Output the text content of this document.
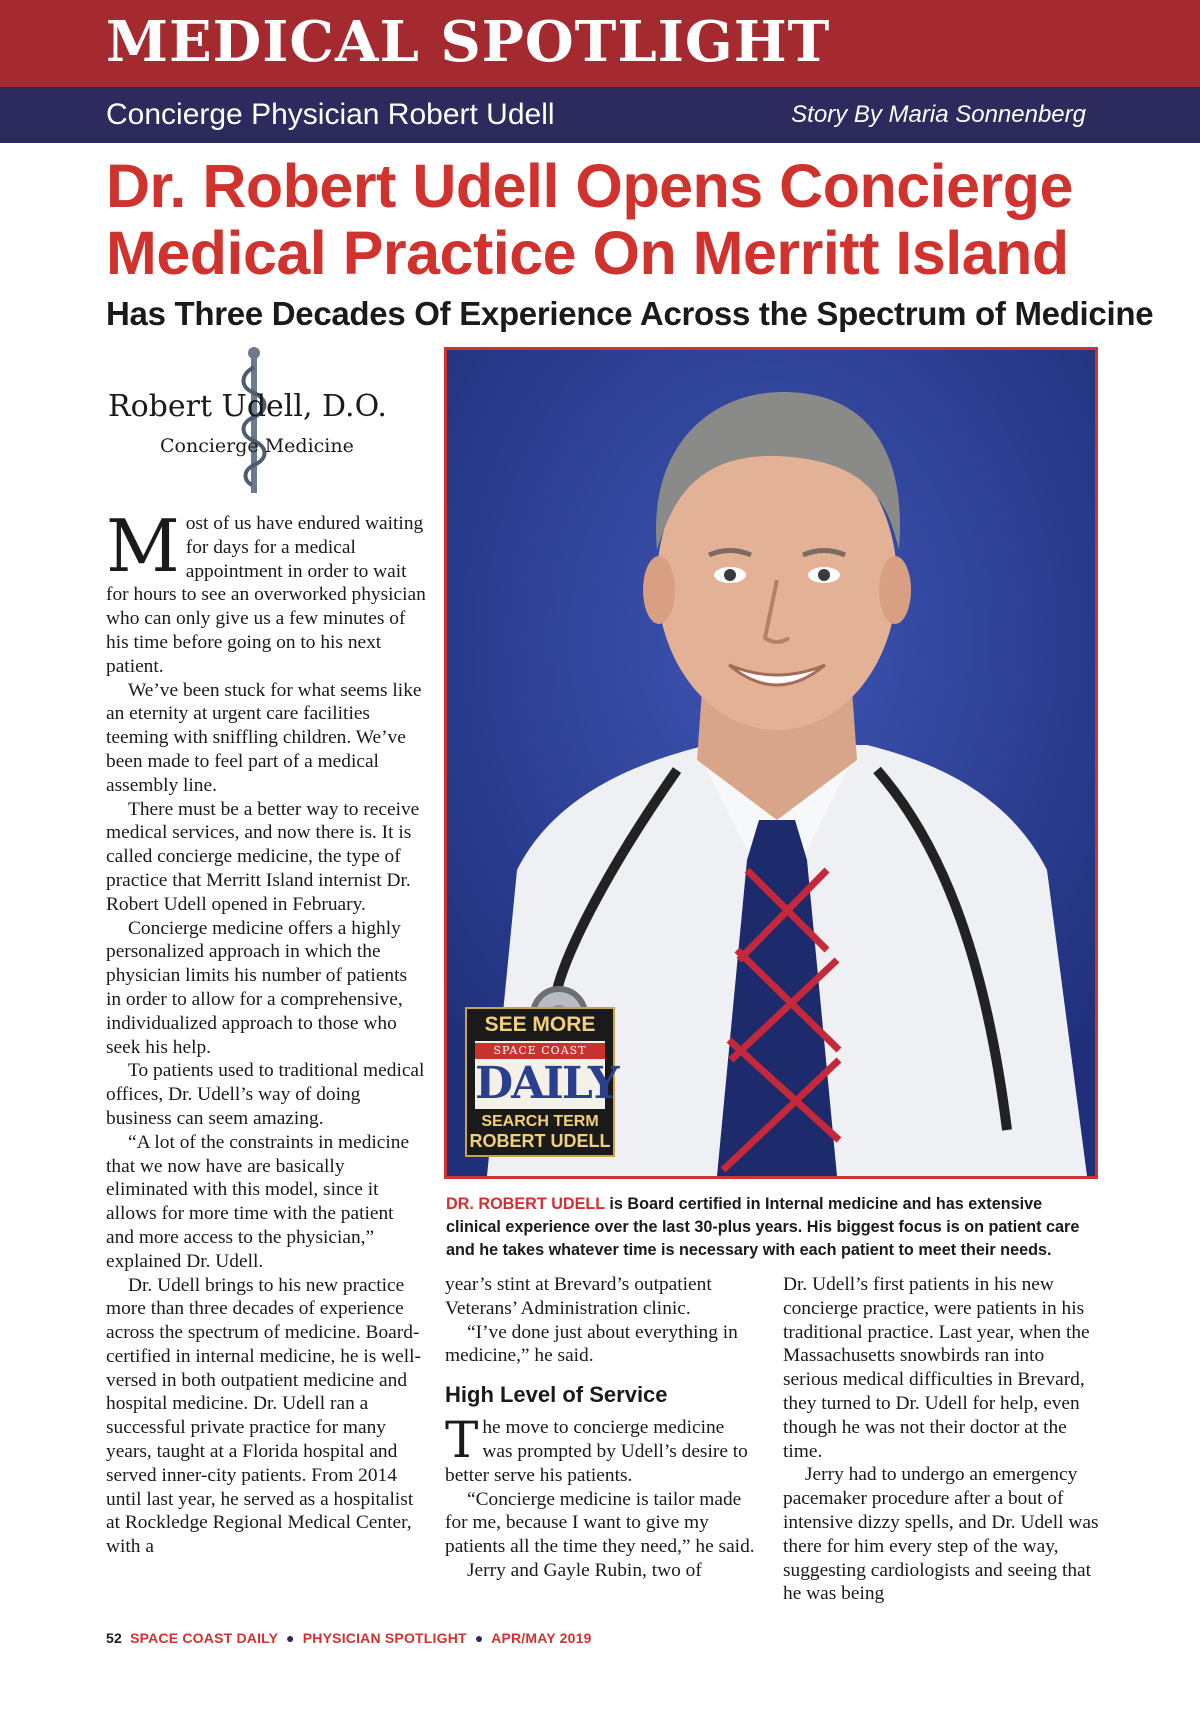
MEDICAL SPOTLIGHT
Concierge Physician Robert Udell	Story By Maria Sonnenberg
Dr. Robert Udell Opens Concierge Medical Practice On Merritt Island
Has Three Decades Of Experience Across the Spectrum of Medicine
Robert Udell, D.O.
Concierge Medicine

Most of us have endured waiting for days for a medical appointment in order to wait for hours to see an overworked physician who can only give us a few minutes of his time before going on to his next patient.

We’ve been stuck for what seems like an eternity at urgent care facilities teeming with sniffling children. We’ve been made to feel part of a medical assembly line.

There must be a better way to receive medical services, and now there is. It is called concierge medicine, the type of practice that Merritt Island internist Dr. Robert Udell opened in February.

Concierge medicine offers a highly personalized approach in which the physician limits his number of patients in order to allow for a comprehensive, individualized approach to those who seek his help.

To patients used to traditional medical offices, Dr. Udell’s way of doing business can seem amazing.

“A lot of the constraints in medicine that we now have are basically eliminated with this model, since it allows for more time with the patient and more access to the physician,” explained Dr. Udell.

Dr. Udell brings to his new practice more than three decades of experience across the spectrum of medicine. Board-certified in internal medicine, he is well-versed in both outpatient medicine and hospital medicine. Dr. Udell ran a successful private practice for many years, taught at a Florida hospital and served inner-city patients. From 2014 until last year, he served as a hospitalist at Rockledge Regional Medical Center, with a

SEE MORE
SPACE COAST
DAILY
SEARCH TERM
ROBERT UDELL

DR. ROBERT UDELL is Board certified in Internal medicine and has extensive clinical experience over the last 30-plus years. His biggest focus is on patient care and he takes whatever time is necessary with each patient to meet their needs.

year’s stint at Brevard’s outpatient Veterans’ Administration clinic.

“I’ve done just about everything in medicine,” he said.

High Level of Service

The move to concierge medicine was prompted by Udell’s desire to better serve his patients.

“Concierge medicine is tailor made for me, because I want to give my patients all the time they need,” he said.

Jerry and Gayle Rubin, two of

Dr. Udell’s first patients in his new concierge practice, were patients in his traditional practice. Last year, when the Massachusetts snowbirds ran into serious medical difficulties in Brevard, they turned to Dr. Udell for help, even though he was not their doctor at the time.

Jerry had to undergo an emergency pacemaker procedure after a bout of intensive dizzy spells, and Dr. Udell was there for him every step of the way, suggesting cardiologists and seeing that he was being

52 SPACE COAST DAILY ● PHYSICIAN SPOTLIGHT ● APR/MAY 2019
